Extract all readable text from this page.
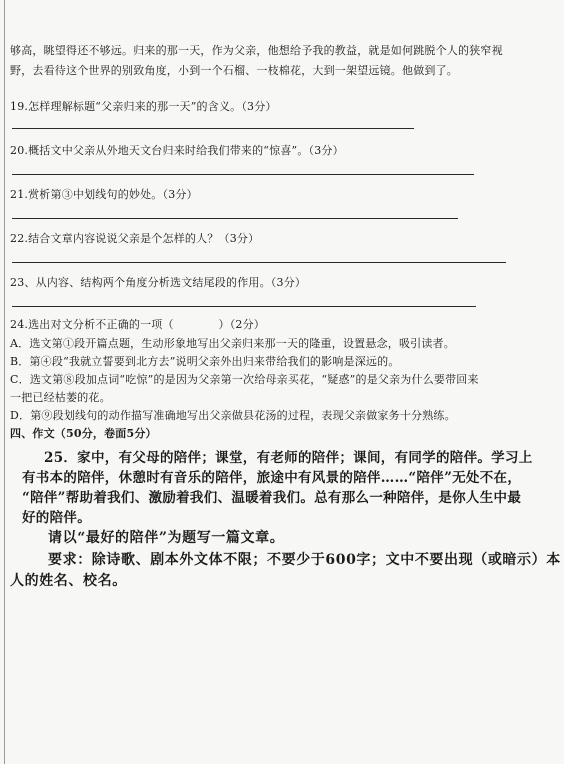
够高，眺望得还不够远。归来的那一天，作为父亲，他想给予我的教益，就是如何跳脱个人的狭窄视
野，去看待这个世界的别致角度，小到一个石榴、一枝棉花，大到一架望远镜。他做到了。
19.怎样理解标题“父亲归来的那一天”的含义。（3分）
20.概括文中父亲从外地天文台归来时给我们带来的“惊喜”。（3分）
21.赏析第③中划线句的妙处。（3分）
22.结合文章内容说说父亲是个怎样的人？（3分）
23、从内容、结构两个角度分析选文结尾段的作用。（3分）
24.选出对文分析不正确的一项（　　　　）（2分）
A．选文第①段开篇点题，生动形象地写出父亲归来那一天的隆重，设置悬念，吸引读者。
B．第④段“我就立誓要到北方去”说明父亲外出归来带给我们的影响是深远的。
C．选文第⑧段加点词“吃惊”的是因为父亲第一次给母亲买花，“疑惑”的是父亲为什么要带回来
一把已经枯萎的花。
D．第⑨段划线句的动作描写准确地写出父亲做县花汤的过程，表现父亲做家务十分熟练。
四、作文（50分，卷面5分）
25．家中，有父母的陪伴；课堂，有老师的陪伴；课间，有同学的陪伴。学习上
有书本的陪伴，休憩时有音乐的陪伴，旅途中有风景的陪伴……“陪伴”无处不在，
“陪伴”帮助着我们、激励着我们、温暖着我们。总有那么一种陪伴，是你人生中最
好的陪伴。
请以“最好的陪伴”为题写一篇文章。
要求：除诗歌、剧本外文体不限；不要少于600字；文中不要出现（或暗示）本
人的姓名、校名。
